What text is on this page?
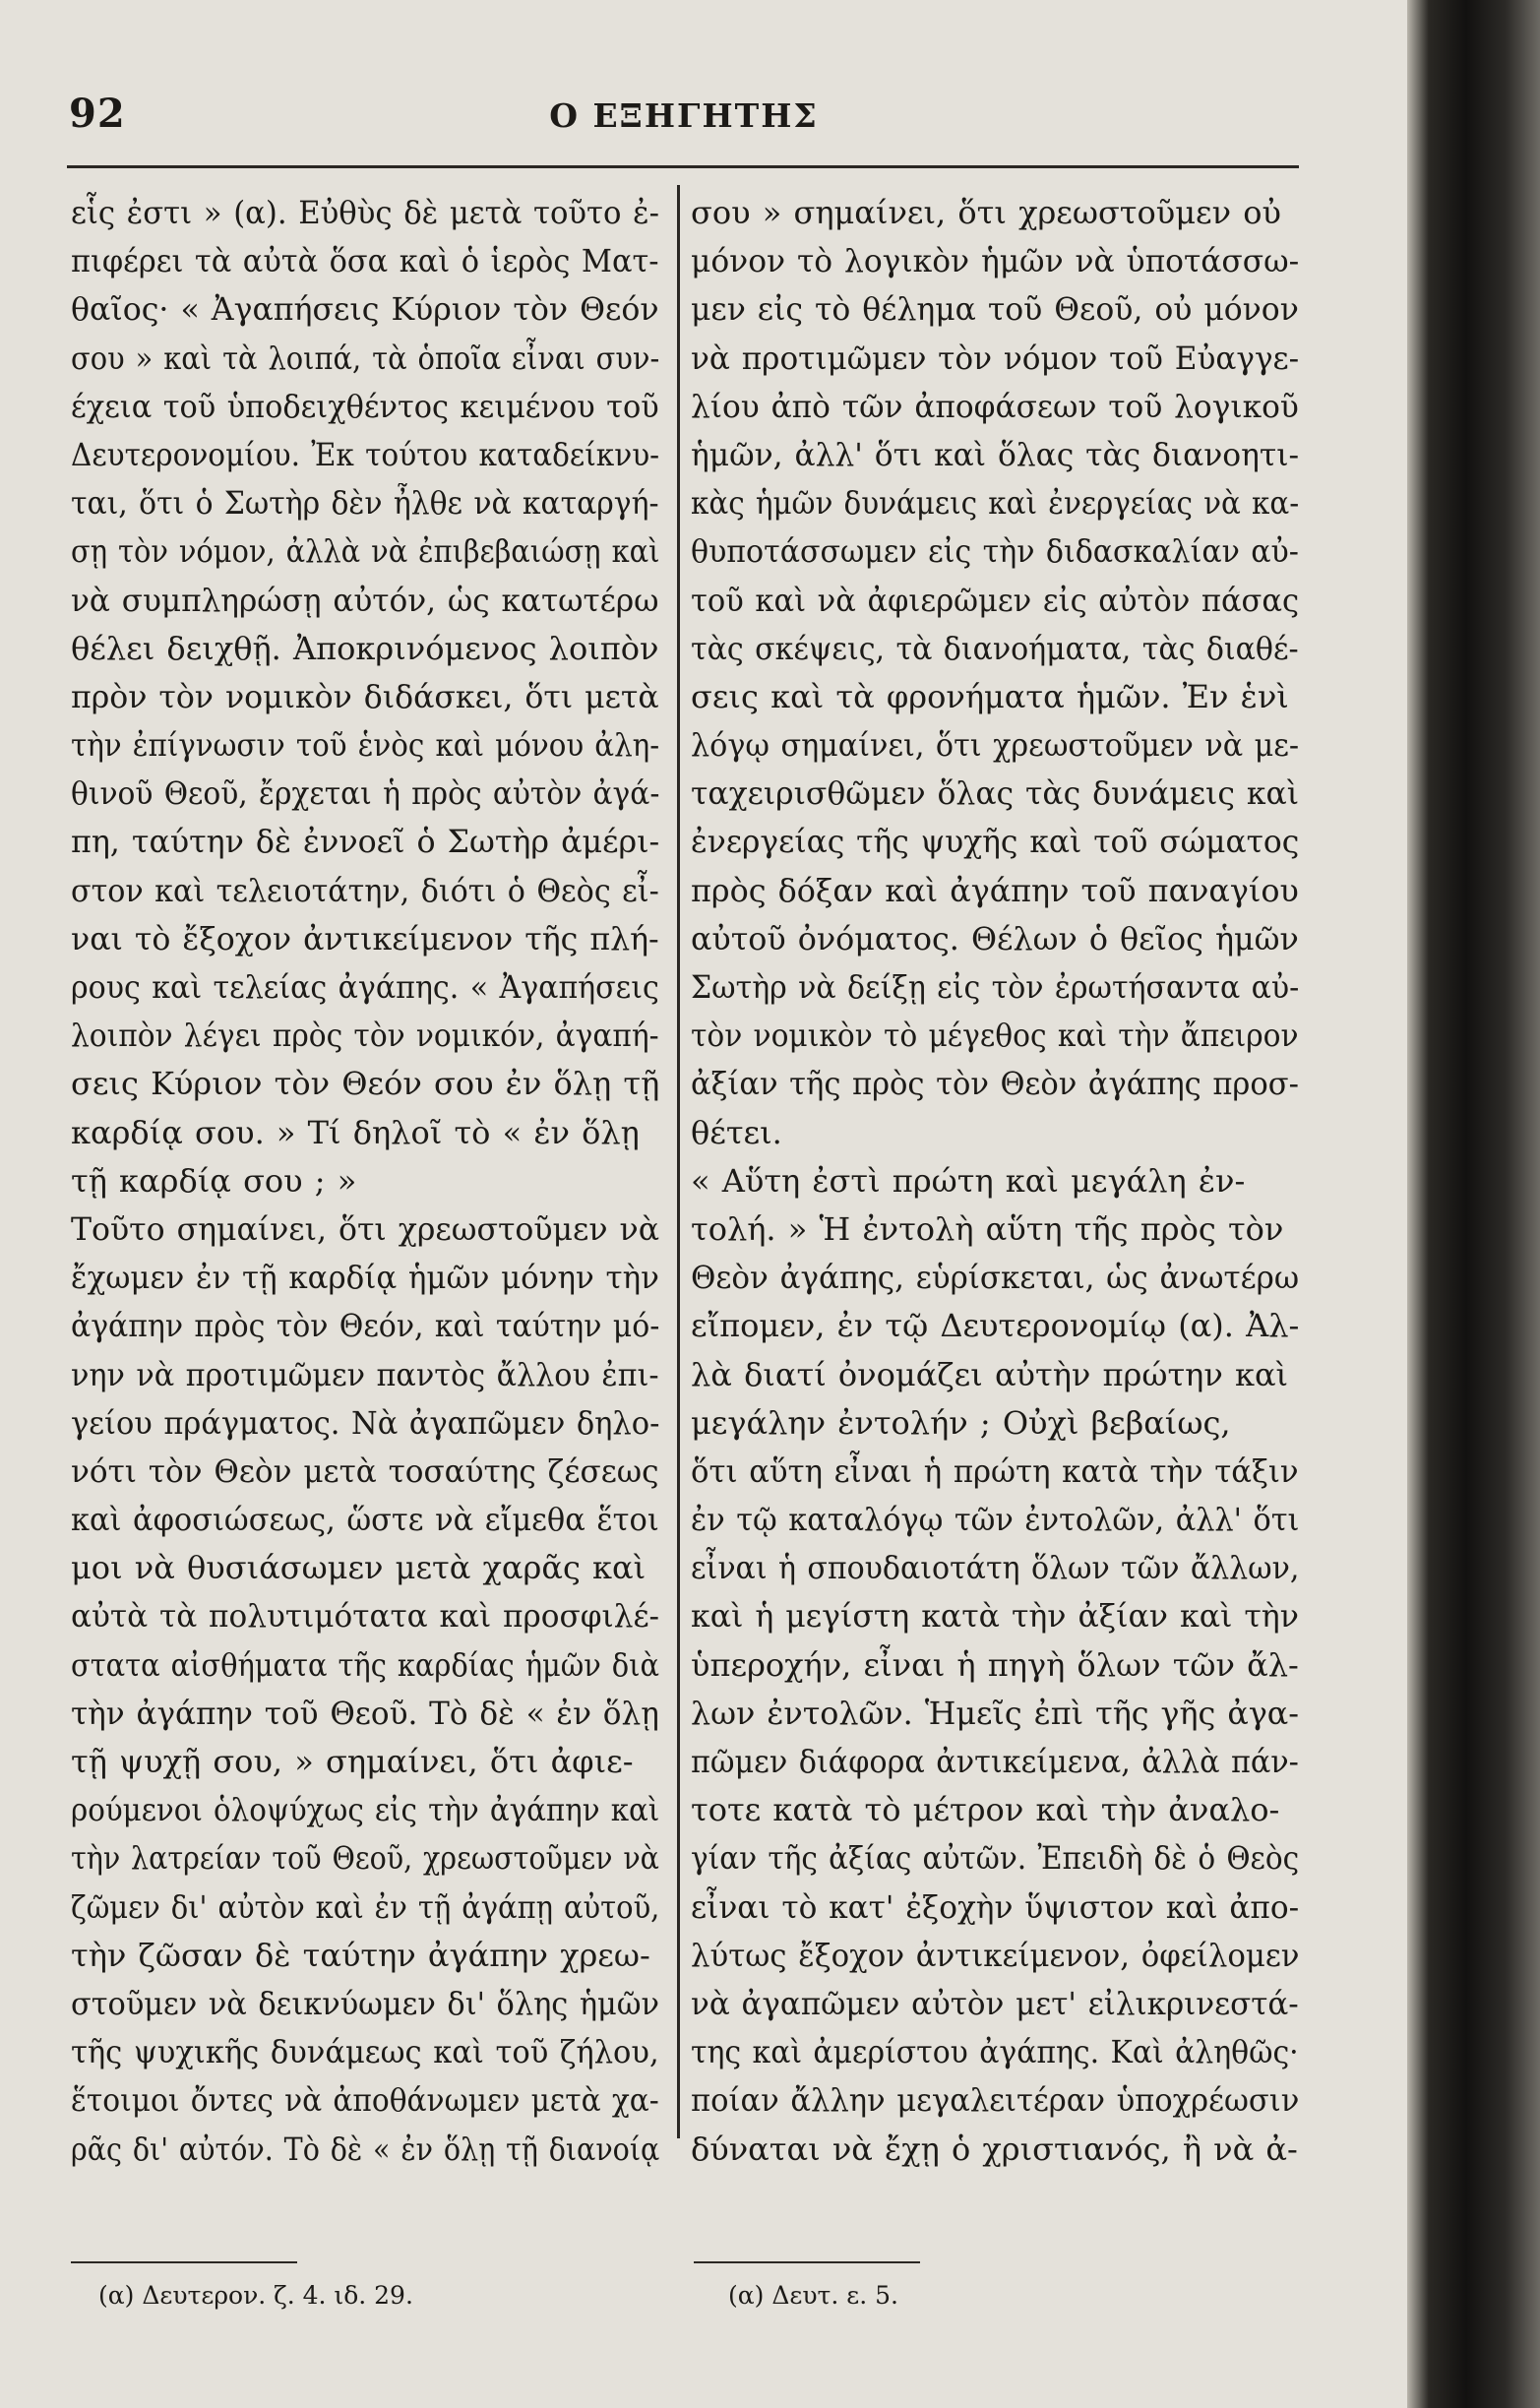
92	Ο ΕΞΗΓΗΤΗΣ
εἷς ἐστι » (α). Εὐθὺς δὲ μετὰ τοῦτο ἐ-
πιφέρει τὰ αὐτὰ ὅσα καὶ ὁ ἱερὸς Ματ-
θαῖος· « Ἀγαπήσεις Κύριον τὸν Θεόν
σου » καὶ τὰ λοιπά, τὰ ὁποῖα εἶναι συν-
έχεια τοῦ ὑποδειχθέντος κειμένου τοῦ
Δευτερονομίου. Ἐκ τούτου καταδείκνυ-
ται, ὅτι ὁ Σωτὴρ δὲν ἦλθε νὰ καταργή-
σῃ τὸν νόμον, ἀλλὰ νὰ ἐπιβεβαιώσῃ καὶ
νὰ συμπληρώσῃ αὐτόν, ὡς κατωτέρω
θέλει δειχθῇ. Ἀποκρινόμενος λοιπὸν
πρὸν τὸν νομικὸν διδάσκει, ὅτι μετὰ
τὴν ἐπίγνωσιν τοῦ ἑνὸς καὶ μόνου ἀλη-
θινοῦ Θεοῦ, ἔρχεται ἡ πρὸς αὐτὸν ἀγά-
πη, ταύτην δὲ ἐννοεῖ ὁ Σωτὴρ ἀμέρι-
στον καὶ τελειοτάτην, διότι ὁ Θεὸς εἶ-
ναι τὸ ἔξοχον ἀντικείμενον τῆς πλή-
ρους καὶ τελείας ἀγάπης. « Ἀγαπήσεις
λοιπὸν λέγει πρὸς τὸν νομικόν, ἀγαπή-
σεις Κύριον τὸν Θεόν σου ἐν ὅλῃ τῇ
καρδίᾳ σου. » Τί δηλοῖ τὸ « ἐν ὅλῃ
τῇ καρδίᾳ σου ; »
Τοῦτο σημαίνει, ὅτι χρεωστοῦμεν νὰ
ἔχωμεν ἐν τῇ καρδίᾳ ἡμῶν μόνην τὴν
ἀγάπην πρὸς τὸν Θεόν, καὶ ταύτην μό-
νην νὰ προτιμῶμεν παντὸς ἄλλου ἐπι-
γείου πράγματος. Νὰ ἀγαπῶμεν δηλο-
νότι τὸν Θεὸν μετὰ τοσαύτης ζέσεως
καὶ ἀφοσιώσεως, ὥστε νὰ εἴμεθα ἕτοι
μοι νὰ θυσιάσωμεν μετὰ χαρᾶς καὶ
αὐτὰ τὰ πολυτιμότατα καὶ προσφιλέ-
στατα αἰσθήματα τῆς καρδίας ἡμῶν διὰ
τὴν ἀγάπην τοῦ Θεοῦ. Τὸ δὲ « ἐν ὅλῃ
τῇ ψυχῇ σου, » σημαίνει, ὅτι ἀφιε-
ρούμενοι ὁλοψύχως εἰς τὴν ἀγάπην καὶ
τὴν λατρείαν τοῦ Θεοῦ, χρεωστοῦμεν νὰ
ζῶμεν δι' αὐτὸν καὶ ἐν τῇ ἀγάπῃ αὐτοῦ,
τὴν ζῶσαν δὲ ταύτην ἀγάπην χρεω-
στοῦμεν νὰ δεικνύωμεν δι' ὅλης ἡμῶν
τῆς ψυχικῆς δυνάμεως καὶ τοῦ ζήλου,
ἕτοιμοι ὄντες νὰ ἀποθάνωμεν μετὰ χα-
ρᾶς δι' αὐτόν. Τὸ δὲ « ἐν ὅλῃ τῇ διανοίᾳ
σου » σημαίνει, ὅτι χρεωστοῦμεν οὐ
μόνον τὸ λογικὸν ἡμῶν νὰ ὑποτάσσω-
μεν εἰς τὸ θέλημα τοῦ Θεοῦ, οὐ μόνον
νὰ προτιμῶμεν τὸν νόμον τοῦ Εὐαγγε-
λίου ἀπὸ τῶν ἀποφάσεων τοῦ λογικοῦ
ἡμῶν, ἀλλ' ὅτι καὶ ὅλας τὰς διανοητι-
κὰς ἡμῶν δυνάμεις καὶ ἐνεργείας νὰ κα-
θυποτάσσωμεν εἰς τὴν διδασκαλίαν αὐ-
τοῦ καὶ νὰ ἀφιερῶμεν εἰς αὐτὸν πάσας
τὰς σκέψεις, τὰ διανοήματα, τὰς διαθέ-
σεις καὶ τὰ φρονήματα ἡμῶν. Ἐν ἑνὶ
λόγῳ σημαίνει, ὅτι χρεωστοῦμεν νὰ με-
ταχειρισθῶμεν ὅλας τὰς δυνάμεις καὶ
ἐνεργείας τῆς ψυχῆς καὶ τοῦ σώματος
πρὸς δόξαν καὶ ἀγάπην τοῦ παναγίου
αὐτοῦ ὀνόματος. Θέλων ὁ θεῖος ἡμῶν
Σωτὴρ νὰ δείξῃ εἰς τὸν ἐρωτήσαντα αὐ-
τὸν νομικὸν τὸ μέγεθος καὶ τὴν ἄπειρον
ἀξίαν τῆς πρὸς τὸν Θεὸν ἀγάπης προσ-
θέτει.
« Αὕτη ἐστὶ πρώτη καὶ μεγάλη ἐν-
τολή. » Ἡ ἐντολὴ αὕτη τῆς πρὸς τὸν
Θεὸν ἀγάπης, εὑρίσκεται, ὡς ἀνωτέρω
εἴπομεν, ἐν τῷ Δευτερονομίῳ (α). Ἀλ-
λὰ διατί ὀνομάζει αὐτὴν πρώτην καὶ
μεγάλην ἐντολήν ; Οὐχὶ βεβαίως,
ὅτι αὕτη εἶναι ἡ πρώτη κατὰ τὴν τάξιν
ἐν τῷ καταλόγῳ τῶν ἐντολῶν, ἀλλ' ὅτι
εἶναι ἡ σπουδαιοτάτη ὅλων τῶν ἄλλων,
καὶ ἡ μεγίστη κατὰ τὴν ἀξίαν καὶ τὴν
ὑπεροχήν, εἶναι ἡ πηγὴ ὅλων τῶν ἄλ-
λων ἐντολῶν. Ἡμεῖς ἐπὶ τῆς γῆς ἀγα-
πῶμεν διάφορα ἀντικείμενα, ἀλλὰ πάν-
τοτε κατὰ τὸ μέτρον καὶ τὴν ἀναλο-
γίαν τῆς ἀξίας αὐτῶν. Ἐπειδὴ δὲ ὁ Θεὸς
εἶναι τὸ κατ' ἐξοχὴν ὕψιστον καὶ ἀπο-
λύτως ἔξοχον ἀντικείμενον, ὀφείλομεν
νὰ ἀγαπῶμεν αὐτὸν μετ' εἰλικρινεστά-
της καὶ ἀμερίστου ἀγάπης. Καὶ ἀληθῶς·
ποίαν ἄλλην μεγαλειτέραν ὑποχρέωσιν
δύναται νὰ ἔχῃ ὁ χριστιανός, ἢ νὰ ἀ-
(α) Δευτερον. ζ. 4. ιδ. 29.	(α) Δευτ. ε. 5.
